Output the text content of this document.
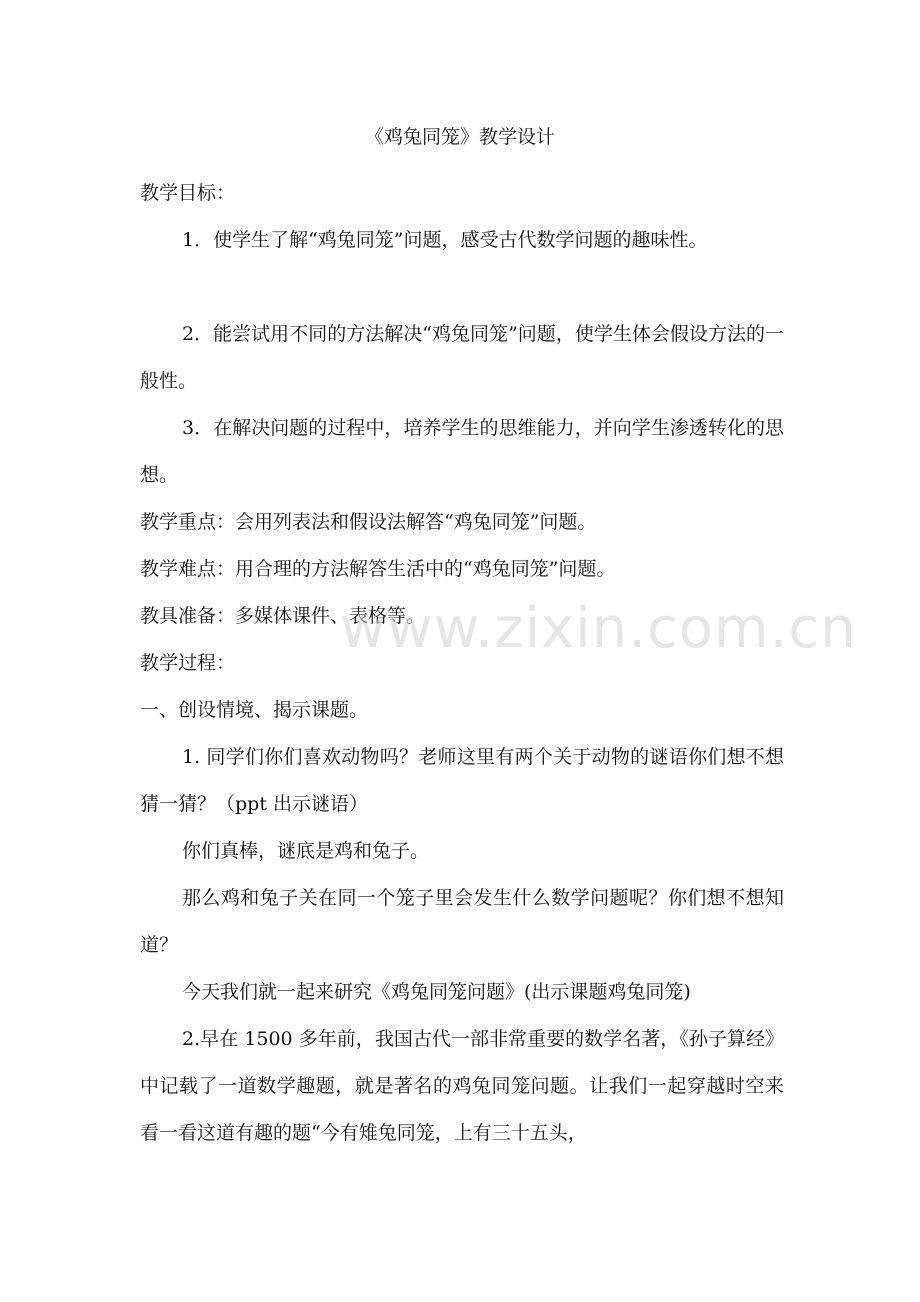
《鸡兔同笼》教学设计

教学目标：

1．使学生了解“鸡兔同笼”问题，感受古代数学问题的趣味性。

2．能尝试用不同的方法解决“鸡兔同笼”问题，使学生体会假设方法的一般性。

3．在解决问题的过程中，培养学生的思维能力，并向学生渗透转化的思想。

教学重点：会用列表法和假设法解答“鸡兔同笼”问题。

教学难点：用合理的方法解答生活中的“鸡兔同笼”问题。

教具准备：多媒体课件、表格等。

教学过程：

一、创设情境、揭示课题。

1. 同学们你们喜欢动物吗？老师这里有两个关于动物的谜语你们想不想猜一猜？（ppt 出示谜语）

你们真棒，谜底是鸡和兔子。

那么鸡和兔子关在同一个笼子里会发生什么数学问题呢？你们想不想知道？

今天我们就一起来研究《鸡兔同笼问题》(出示课题鸡兔同笼)

2.早在 1500 多年前，我国古代一部非常重要的数学名著，《孙子算经》中记载了一道数学趣题，就是著名的鸡兔同笼问题。让我们一起穿越时空来看一看这道有趣的题“今有雉兔同笼，上有三十五头，

www.zixin.com.cn
